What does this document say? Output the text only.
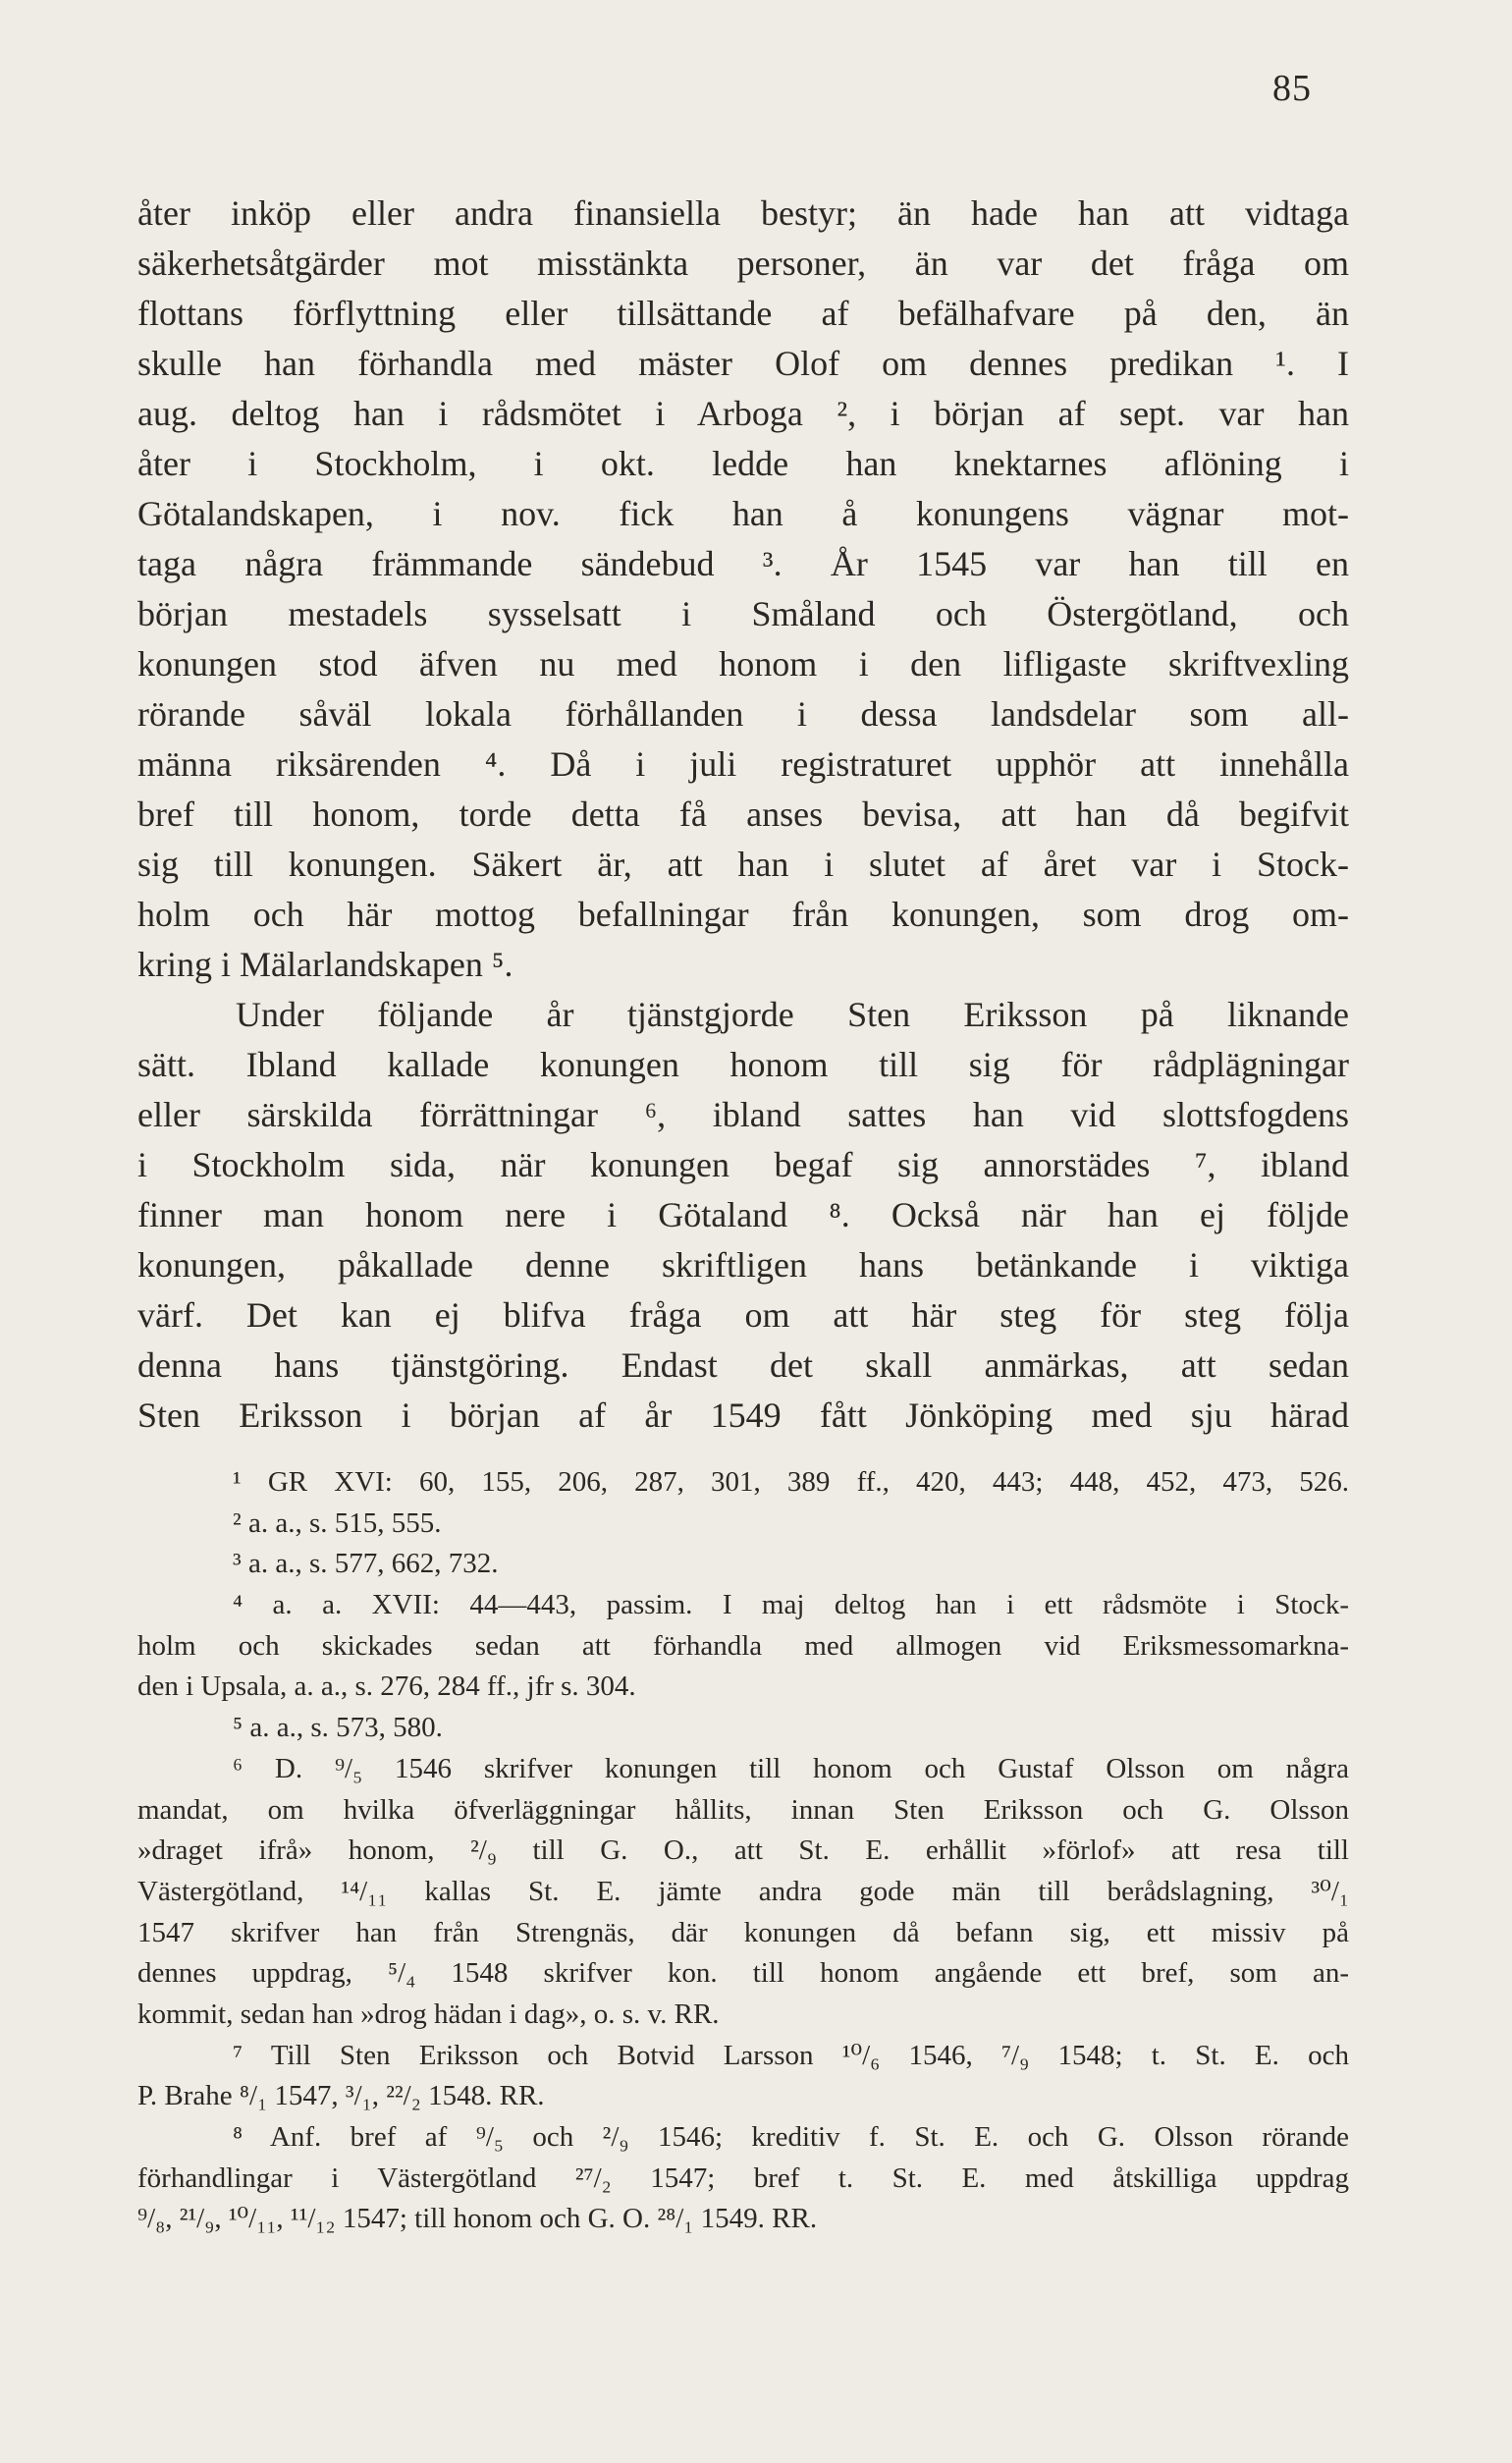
85
åter inköp eller andra finansiella bestyr; än hade han att vidtaga
säkerhetsåtgärder mot misstänkta personer, än var det fråga om
flottans förflyttning eller tillsättande af befälhafvare på den, än
skulle han förhandla med mäster Olof om dennes predikan ¹. I
aug. deltog han i rådsmötet i Arboga ², i början af sept. var han
åter i Stockholm, i okt. ledde han knektarnes aflöning i
Götalandskapen, i nov. fick han å konungens vägnar mot-
taga några främmande sändebud ³. År 1545 var han till en
början mestadels sysselsatt i Småland och Östergötland, och
konungen stod äfven nu med honom i den lifligaste skriftvexling
rörande såväl lokala förhållanden i dessa landsdelar som all-
männa riksärenden ⁴. Då i juli registraturet upphör att innehålla
bref till honom, torde detta få anses bevisa, att han då begifvit
sig till konungen. Säkert är, att han i slutet af året var i Stock-
holm och här mottog befallningar från konungen, som drog om-
kring i Mälarlandskapen ⁵.
Under följande år tjänstgjorde Sten Eriksson på liknande
sätt. Ibland kallade konungen honom till sig för rådplägningar
eller särskilda förrättningar ⁶, ibland sattes han vid slottsfogdens
i Stockholm sida, när konungen begaf sig annorstädes ⁷, ibland
finner man honom nere i Götaland ⁸. Också när han ej följde
konungen, påkallade denne skriftligen hans betänkande i viktiga
värf. Det kan ej blifva fråga om att här steg för steg följa
denna hans tjänstgöring. Endast det skall anmärkas, att sedan
Sten Eriksson i början af år 1549 fått Jönköping med sju härad
¹ GR XVI: 60, 155, 206, 287, 301, 389 ff., 420, 443; 448, 452, 473, 526.
² a. a., s. 515, 555.
³ a. a., s. 577, 662, 732.
⁴ a. a. XVII: 44—443, passim. I maj deltog han i ett rådsmöte i Stock-
holm och skickades sedan att förhandla med allmogen vid Eriksmessomarkna-
den i Upsala, a. a., s. 276, 284 ff., jfr s. 304.
⁵ a. a., s. 573, 580.
⁶ D. ⁹/₅ 1546 skrifver konungen till honom och Gustaf Olsson om några
mandat, om hvilka öfverläggningar hållits, innan Sten Eriksson och G. Olsson
»draget ifrå» honom, ²/₉ till G. O., att St. E. erhållit »förlof» att resa till
Västergötland, ¹⁴/₁₁ kallas St. E. jämte andra gode män till berådslagning, ³⁰/₁
1547 skrifver han från Strengnäs, där konungen då befann sig, ett missiv på
dennes uppdrag, ⁵/₄ 1548 skrifver kon. till honom angående ett bref, som an-
kommit, sedan han »drog hädan i dag», o. s. v. RR.
⁷ Till Sten Eriksson och Botvid Larsson ¹⁰/₆ 1546, ⁷/₉ 1548; t. St. E. och
P. Brahe ⁸/₁ 1547, ³/₁, ²²/₂ 1548. RR.
⁸ Anf. bref af ⁹/₅ och ²/₉ 1546; kreditiv f. St. E. och G. Olsson rörande
förhandlingar i Västergötland ²⁷/₂ 1547; bref t. St. E. med åtskilliga uppdrag
⁹/₈, ²¹/₉, ¹⁰/₁₁, ¹¹/₁₂ 1547; till honom och G. O. ²⁸/₁ 1549. RR.
